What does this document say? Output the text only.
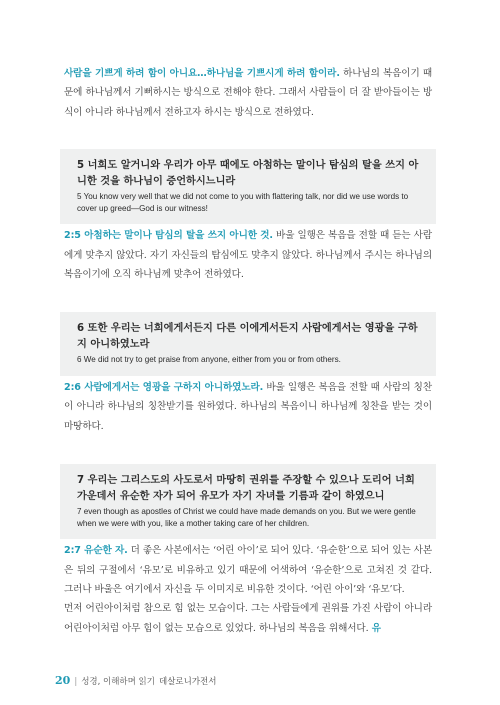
사람을 기쁘게 하려 함이 아니요…하나님을 기쁘시게 하려 함이라. 하나님의 복음이기 때문에 하나님께서 기뻐하시는 방식으로 전해야 한다. 그래서 사람들이 더 잘 받아들이는 방식이 아니라 하나님께서 전하고자 하시는 방식으로 전하였다.

5 너희도 알거니와 우리가 아무 때에도 아첨하는 말이나 탐심의 탈을 쓰지 아니한 것을 하나님이 증언하시느니라

5 You know very well that we did not come to you with flattering talk, nor did we use words to cover up greed—God is our witness!

2:5 아첨하는 말이나 탐심의 탈을 쓰지 아니한 것. 바울 일행은 복음을 전할 때 듣는 사람에게 맞추지 않았다. 자기 자신들의 탐심에도 맞추지 않았다. 하나님께서 주시는 하나님의 복음이기에 오직 하나님께 맞추어 전하였다.

6 또한 우리는 너희에게서든지 다른 이에게서든지 사람에게서는 영광을 구하지 아니하였노라

6 We did not try to get praise from anyone, either from you or from others.

2:6 사람에게서는 영광을 구하지 아니하였노라. 바울 일행은 복음을 전할 때 사람의 칭찬이 아니라 하나님의 칭찬받기를 원하였다. 하나님의 복음이니 하나님께 칭찬을 받는 것이 마땅하다.

7 우리는 그리스도의 사도로서 마땅히 권위를 주장할 수 있으나 도리어 너희 가운데서 유순한 자가 되어 유모가 자기 자녀를 기름과 같이 하였으니

7 even though as apostles of Christ we could have made demands on you. But we were gentle when we were with you, like a mother taking care of her children.

2:7 유순한 자. 더 좋은 사본에서는 ‘어린 아이’로 되어 있다. ‘유순한’으로 되어 있는 사본은 뒤의 구절에서 ‘유모’로 비유하고 있기 때문에 어색하여 ‘유순한’으로 고쳐진 것 같다. 그러나 바울은 여기에서 자신을 두 이미지로 비유한 것이다. ‘어린 아이’와 ‘유모’다.

먼저 어린아이처럼 참으로 힘 없는 모습이다. 그는 사람들에게 권위를 가진 사람이 아니라 어린아이처럼 아무 힘이 없는 모습으로 있었다. 하나님의 복음을 위해서다. 유

20 | 성경, 이해하며 읽기 데살로니가전서
